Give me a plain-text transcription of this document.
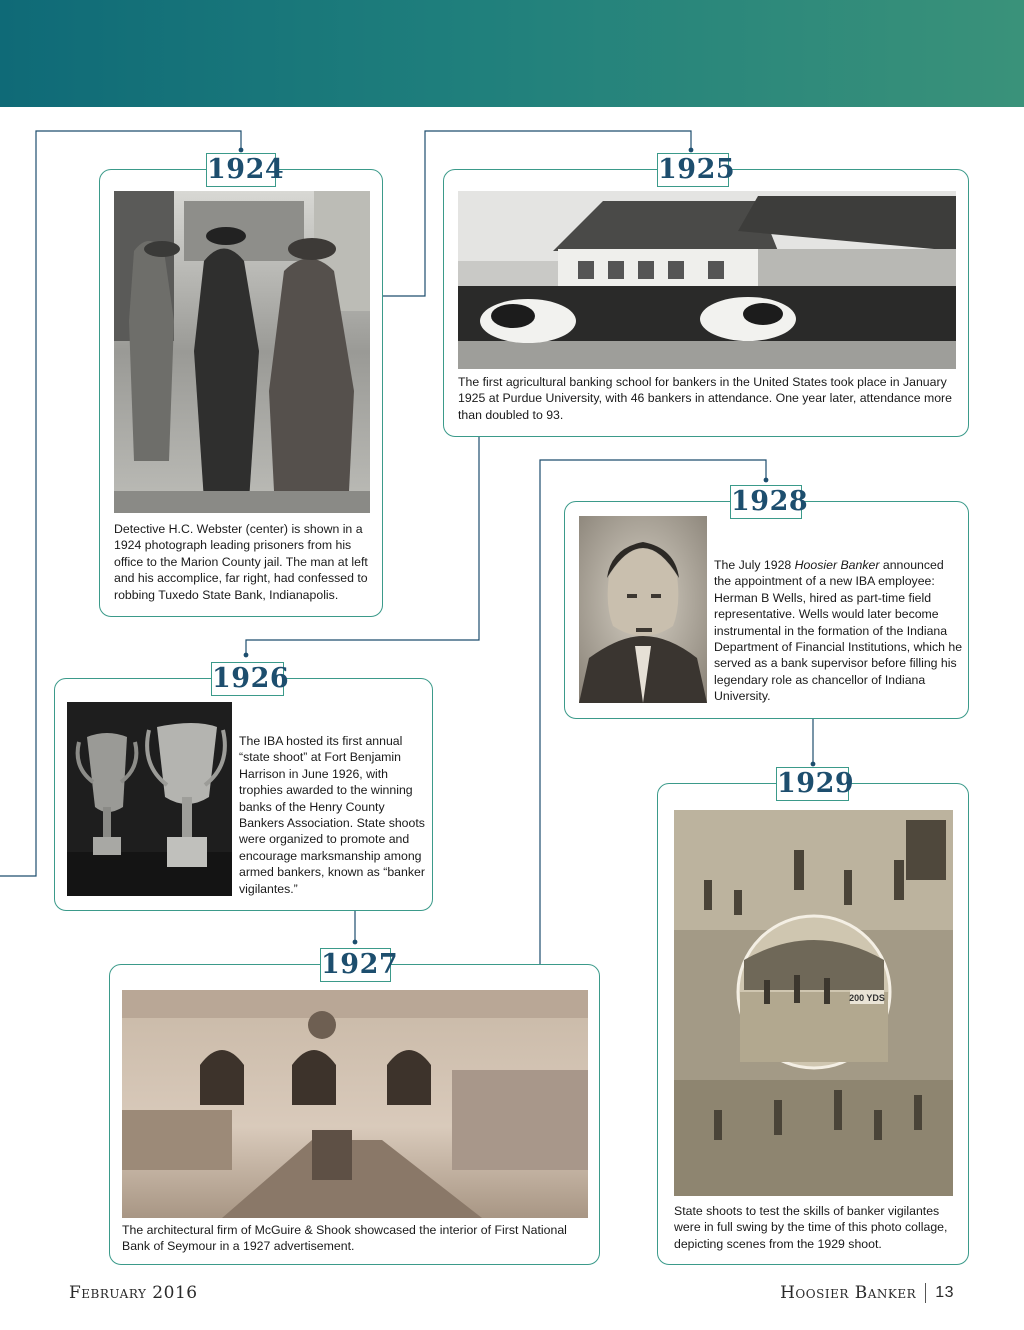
1924
Detective H.C. Webster (center) is shown in a 1924 photograph leading prisoners from his office to the Marion County jail. The man at left and his accomplice, far right, had confessed to robbing Tuxedo State Bank, Indianapolis.
1925
The first agricultural banking school for bankers in the United States took place in January 1925 at Purdue University, with 46 bankers in attendance. One year later, attendance more than doubled to 93.
1928
The July 1928 Hoosier Banker announced the appointment of a new IBA employee: Herman B Wells, hired as part-time field representative. Wells would later become instrumental in the formation of the Indiana Department of Financial Institutions, which he served as a bank supervisor before filling his legendary role as chancellor of Indiana University.
1926
The IBA hosted its first annual “state shoot” at Fort Benjamin Harrison in June 1926, with trophies awarded to the winning banks of the Henry County Bankers Association. State shoots were organized to promote and encourage marksmanship among armed bankers, known as “banker vigilantes.”
1929
200 YDS
State shoots to test the skills of banker vigilantes were in full swing by the time of this photo collage, depicting scenes from the 1929 shoot.
1927
The architectural firm of McGuire & Shook showcased the interior of First National Bank of Seymour in a 1927 advertisement.
February 2016	Hoosier Banker 13
